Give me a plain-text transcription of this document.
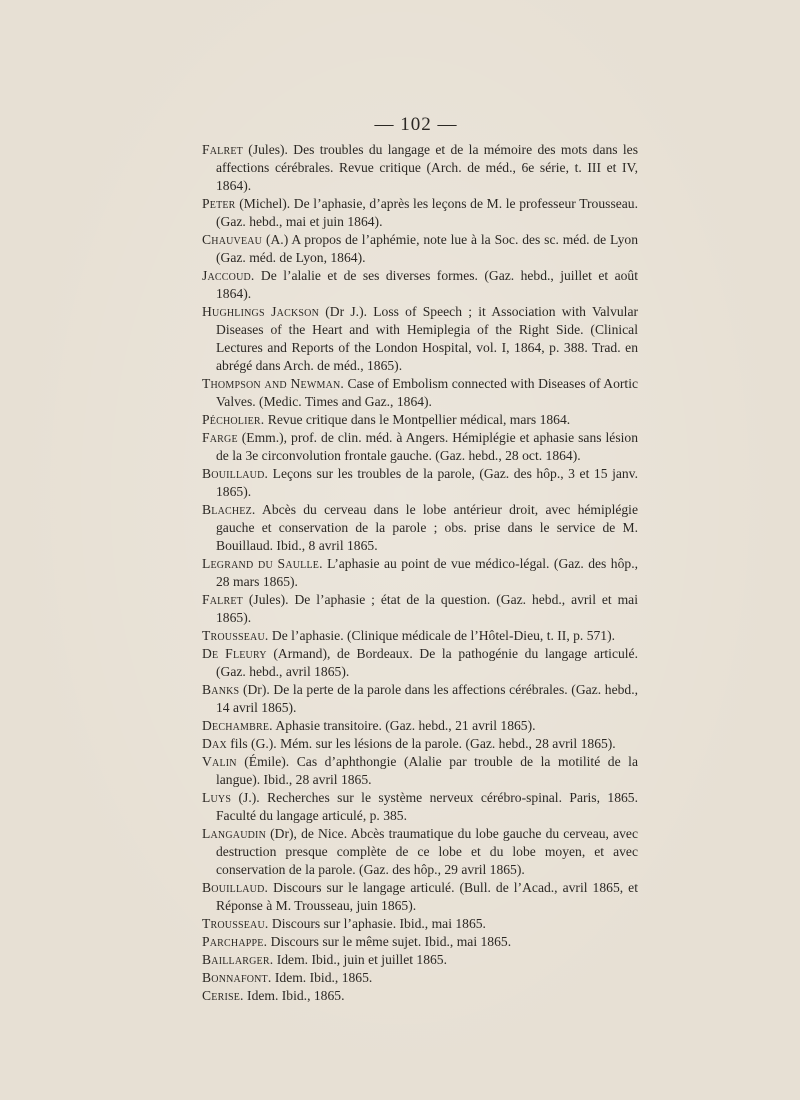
— 102 —

Falret (Jules). Des troubles du langage et de la mémoire des mots dans les affections cérébrales. Revue critique (Arch. de méd., 6e série, t. III et IV, 1864).

Peter (Michel). De l’aphasie, d’après les leçons de M. le professeur Trousseau. (Gaz. hebd., mai et juin 1864).

Chauveau (A.) A propos de l’aphémie, note lue à la Soc. des sc. méd. de Lyon (Gaz. méd. de Lyon, 1864).

Jaccoud. De l’alalie et de ses diverses formes. (Gaz. hebd., juillet et août 1864).

Hughlings Jackson (Dr J.). Loss of Speech ; it Association with Valvular Diseases of the Heart and with Hemiplegia of the Right Side. (Clinical Lectures and Reports of the London Hospital, vol. I, 1864, p. 388. Trad. en abrégé dans Arch. de méd., 1865).

Thompson and Newman. Case of Embolism connected with Diseases of Aortic Valves. (Medic. Times and Gaz., 1864).

Pécholier. Revue critique dans le Montpellier médical, mars 1864.

Farge (Emm.), prof. de clin. méd. à Angers. Hémiplégie et aphasie sans lésion de la 3e circonvolution frontale gauche. (Gaz. hebd., 28 oct. 1864).

Bouillaud. Leçons sur les troubles de la parole, (Gaz. des hôp., 3 et 15 janv. 1865).

Blachez. Abcès du cerveau dans le lobe antérieur droit, avec hémiplégie gauche et conservation de la parole ; obs. prise dans le service de M. Bouillaud. Ibid., 8 avril 1865.

Legrand du Saulle. L’aphasie au point de vue médico-légal. (Gaz. des hôp., 28 mars 1865).

Falret (Jules). De l’aphasie ; état de la question. (Gaz. hebd., avril et mai 1865).

Trousseau. De l’aphasie. (Clinique médicale de l’Hôtel-Dieu, t. II, p. 571).

De Fleury (Armand), de Bordeaux. De la pathogénie du langage articulé. (Gaz. hebd., avril 1865).

Banks (Dr). De la perte de la parole dans les affections cérébrales. (Gaz. hebd., 14 avril 1865).

Dechambre. Aphasie transitoire. (Gaz. hebd., 21 avril 1865).

Dax fils (G.). Mém. sur les lésions de la parole. (Gaz. hebd., 28 avril 1865).

Valin (Émile). Cas d’aphthongie (Alalie par trouble de la motilité de la langue). Ibid., 28 avril 1865.

Luys (J.). Recherches sur le système nerveux cérébro-spinal. Paris, 1865. Faculté du langage articulé, p. 385.

Langaudin (Dr), de Nice. Abcès traumatique du lobe gauche du cerveau, avec destruction presque complète de ce lobe et du lobe moyen, et avec conservation de la parole. (Gaz. des hôp., 29 avril 1865).

Bouillaud. Discours sur le langage articulé. (Bull. de l’Acad., avril 1865, et Réponse à M. Trousseau, juin 1865).

Trousseau. Discours sur l’aphasie. Ibid., mai 1865.

Parchappe. Discours sur le même sujet. Ibid., mai 1865.

Baillarger. Idem. Ibid., juin et juillet 1865.

Bonnafont. Idem. Ibid., 1865.

Cerise. Idem. Ibid., 1865.
